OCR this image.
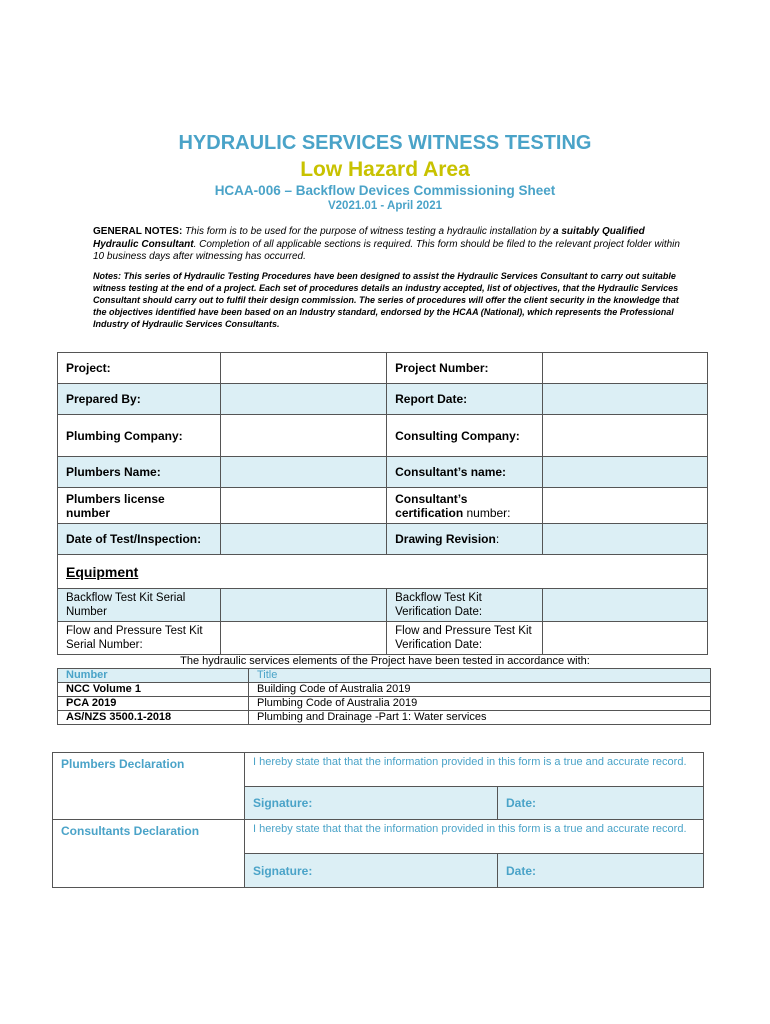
HYDRAULIC SERVICES WITNESS TESTING
Low Hazard Area
HCAA-006 – Backflow Devices Commissioning Sheet
V2021.01 - April 2021
GENERAL NOTES: This form is to be used for the purpose of witness testing a hydraulic installation by a suitably Qualified Hydraulic Consultant. Completion of all applicable sections is required. This form should be filed to the relevant project folder within 10 business days after witnessing has occurred.
Notes: This series of Hydraulic Testing Procedures have been designed to assist the Hydraulic Services Consultant to carry out suitable witness testing at the end of a project. Each set of procedures details an industry accepted, list of objectives, that the Hydraulic Services Consultant should carry out to fulfil their design commission. The series of procedures will offer the client security in the knowledge that the objectives identified have been based on an Industry standard, endorsed by the HCAA (National), which represents the Professional Industry of Hydraulic Services Consultants.
Project:		Project Number:	
Prepared By:		Report Date:	
Plumbing Company:		Consulting Company:	
Plumbers Name:		Consultant’s name:	
Plumbers license number		Consultant’s certification number:	
Date of Test/Inspection:		Drawing Revision:	
Equipment			
Backflow Test Kit Serial Number		Backflow Test Kit Verification Date:	
Flow and Pressure Test Kit Serial Number:		Flow and Pressure Test Kit Verification Date:	
The hydraulic services elements of the Project have been tested in accordance with:
Number	Title
NCC Volume 1	Building Code of Australia 2019
PCA 2019	Plumbing Code of Australia 2019
AS/NZS 3500.1-2018	Plumbing and Drainage -Part 1: Water services
Plumbers Declaration	I hereby state that that the information provided in this form is a true and accurate record.	
	Signature:	Date:
Consultants Declaration	I hereby state that that the information provided in this form is a true and accurate record.	
	Signature:	Date:
